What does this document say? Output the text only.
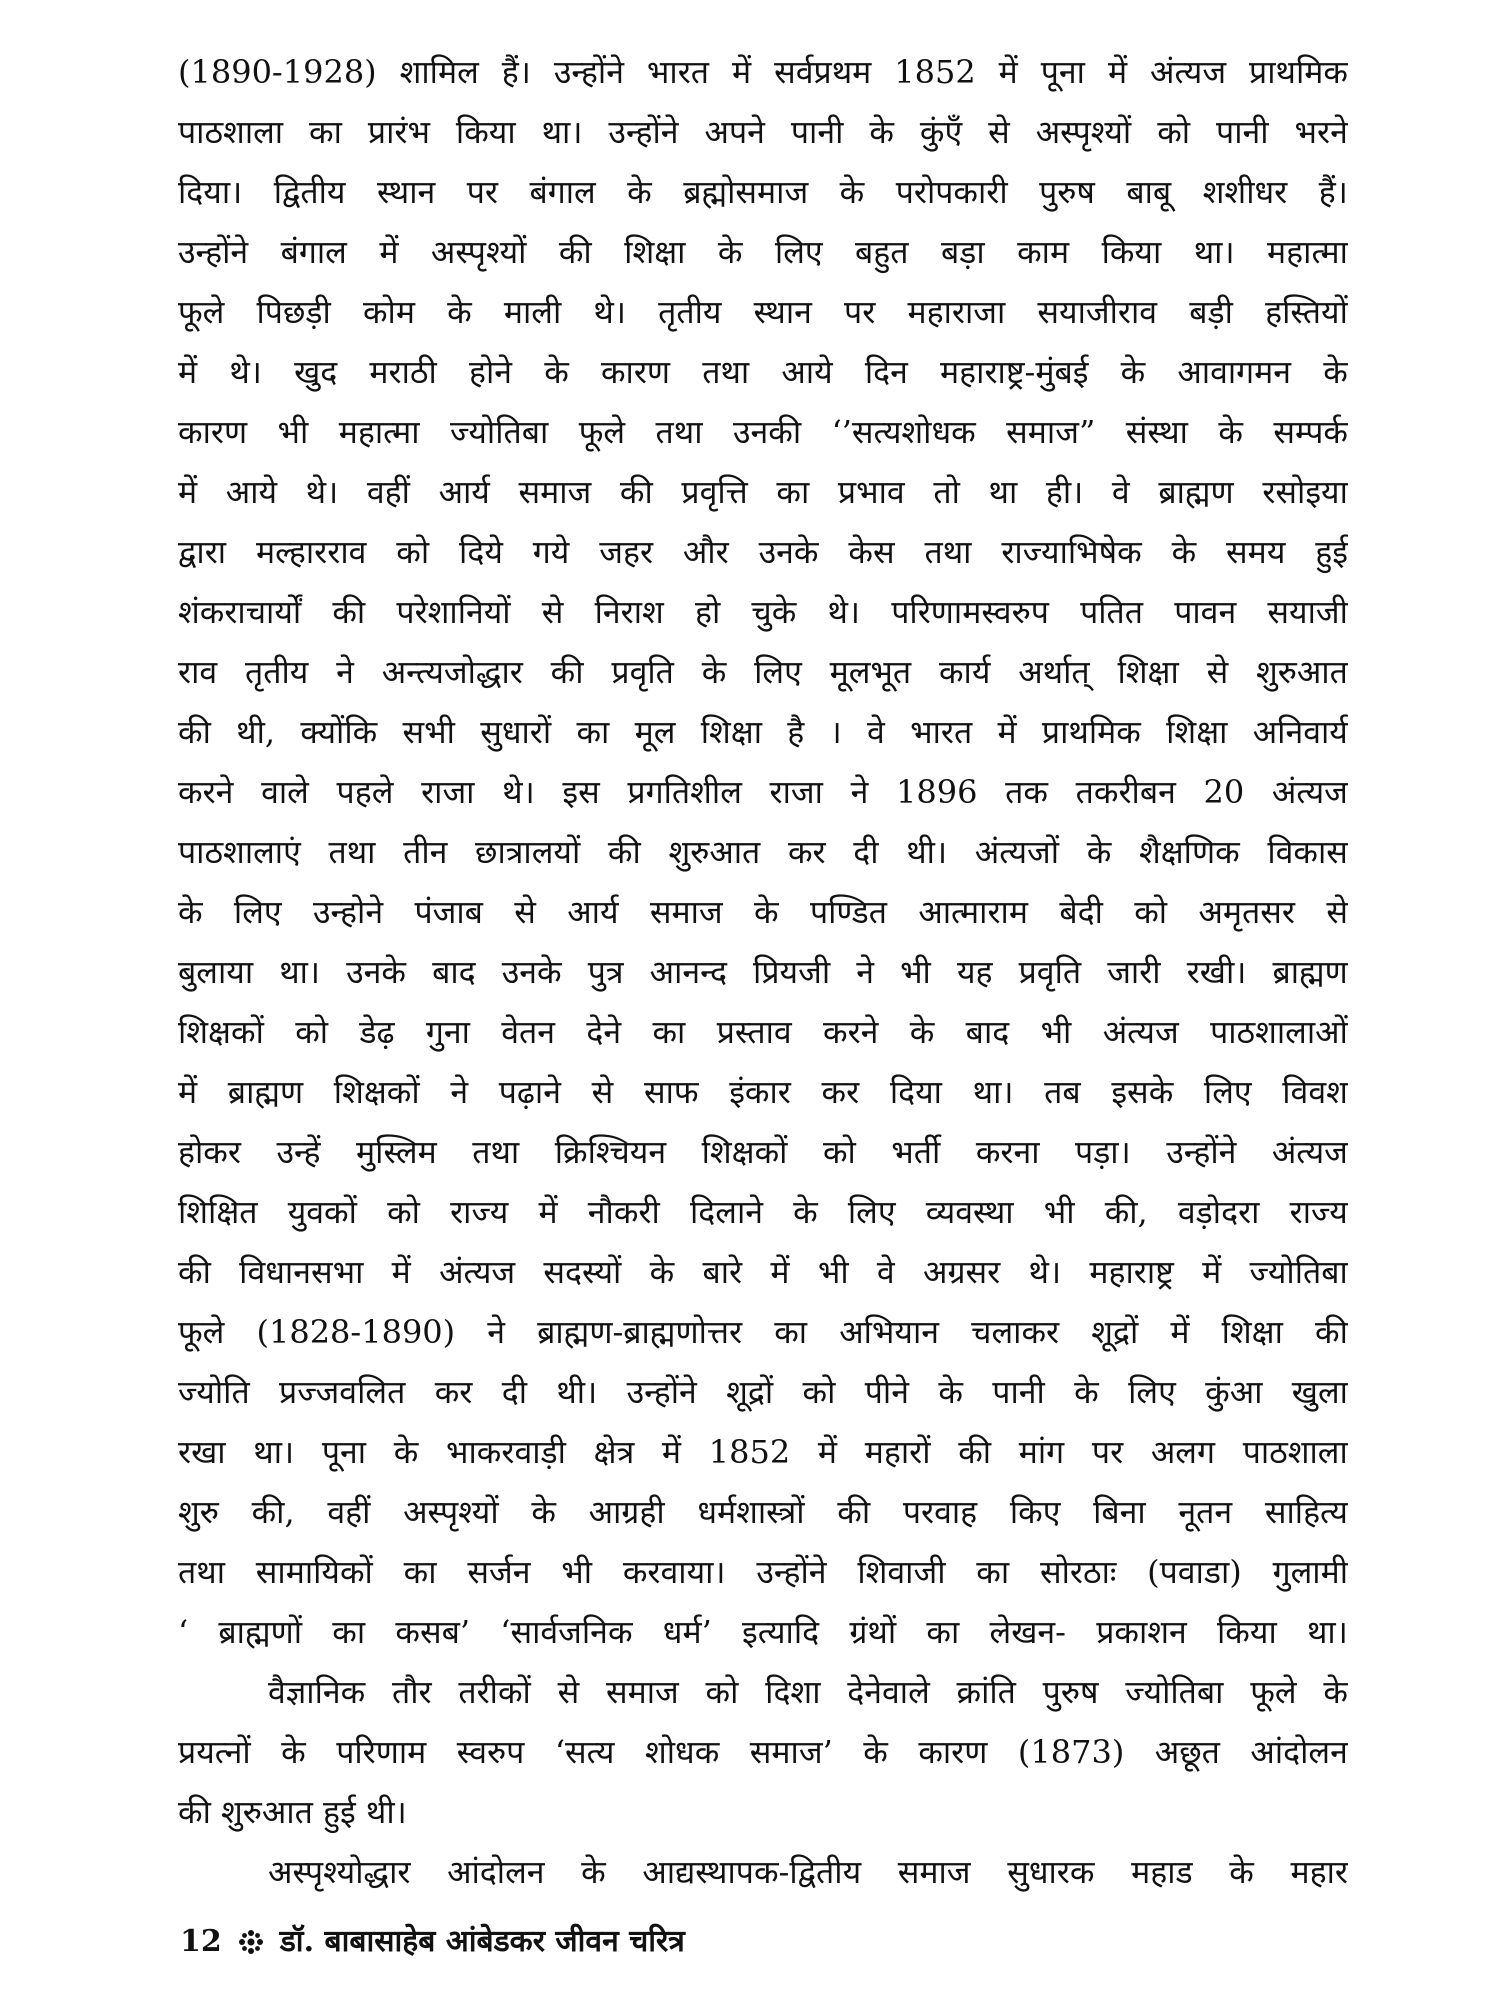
(1890-1928) शामिल हैं। उन्होंने भारत में सर्वप्रथम 1852 में पूना में अंत्यज प्राथमिक
पाठशाला का प्रारंभ किया था। उन्होंने अपने पानी के कुंएँ से अस्पृश्यों को पानी भरने
दिया। द्वितीय स्थान पर बंगाल के ब्रह्मोसमाज के परोपकारी पुरुष बाबू शशीधर हैं।
उन्होंने बंगाल में अस्पृश्यों की शिक्षा के लिए बहुत बड़ा काम किया था। महात्मा
फूले पिछड़ी कोम के माली थे। तृतीय स्थान पर महाराजा सयाजीराव बड़ी हस्तियों
में थे। खुद मराठी होने के कारण तथा आये दिन महाराष्ट्र-मुंबई के आवागमन के
कारण भी महात्मा ज्योतिबा फूले तथा उनकी ‘’सत्यशोधक समाज” संस्था के सम्पर्क
में आये थे। वहीं आर्य समाज की प्रवृत्ति का प्रभाव तो था ही। वे ब्राह्मण रसोइया
द्वारा मल्हारराव को दिये गये जहर और उनके केस तथा राज्याभिषेक के समय हुई
शंकराचार्यों की परेशानियों से निराश हो चुके थे। परिणामस्वरुप पतित पावन सयाजी
राव तृतीय ने अन्त्यजोद्धार की प्रवृति के लिए मूलभूत कार्य अर्थात् शिक्षा से शुरुआत
की थी, क्योंकि सभी सुधारों का मूल शिक्षा है । वे भारत में प्राथमिक शिक्षा अनिवार्य
करने वाले पहले राजा थे। इस प्रगतिशील राजा ने 1896 तक तकरीबन 20 अंत्यज
पाठशालाएं तथा तीन छात्रालयों की शुरुआत कर दी थी। अंत्यजों के शैक्षणिक विकास
के लिए उन्होने पंजाब से आर्य समाज के पण्डित आत्माराम बेदी को अमृतसर से
बुलाया था। उनके बाद उनके पुत्र आनन्द प्रियजी ने भी यह प्रवृति जारी रखी। ब्राह्मण
शिक्षकों को डेढ़ गुना वेतन देने का प्रस्ताव करने के बाद भी अंत्यज पाठशालाओं
में ब्राह्मण शिक्षकों ने पढ़ाने से साफ इंकार कर दिया था। तब इसके लिए विवश
होकर उन्हें मुस्लिम तथा क्रिश्चियन शिक्षकों को भर्ती करना पड़ा। उन्होंने अंत्यज
शिक्षित युवकों को राज्य में नौकरी दिलाने के लिए व्यवस्था भी की, वड़ोदरा राज्य
की विधानसभा में अंत्यज सदस्यों के बारे में भी वे अग्रसर थे। महाराष्ट्र में ज्योतिबा
फूले (1828-1890) ने ब्राह्मण-ब्राह्मणोत्तर का अभियान चलाकर शूद्रों में शिक्षा की
ज्योति प्रज्जवलित कर दी थी। उन्होंने शूद्रों को पीने के पानी के लिए कुंआ खुला
रखा था। पूना के भाकरवाड़ी क्षेत्र में 1852 में महारों की मांग पर अलग पाठशाला
शुरु की, वहीं अस्पृश्यों के आग्रही धर्मशास्त्रों की परवाह किए बिना नूतन साहित्य
तथा सामायिकों का सर्जन भी करवाया। उन्होंने शिवाजी का सोरठाः (पवाडा) गुलामी
‘ ब्राह्मणों का कसब’ ‘सार्वजनिक धर्म’ इत्यादि ग्रंथों का लेखन- प्रकाशन किया था।
वैज्ञानिक तौर तरीकों से समाज को दिशा देनेवाले क्रांति पुरुष ज्योतिबा फूले के
प्रयत्नों के परिणाम स्वरुप ‘सत्य शोधक समाज’ के कारण (1873) अछूत आंदोलन
की शुरुआत हुई थी।
अस्पृश्योद्धार आंदोलन के आद्यस्थापक-द्वितीय समाज सुधारक महाड के महार
12 डॉ. बाबासाहेब आंबेडकर जीवन चरित्र
